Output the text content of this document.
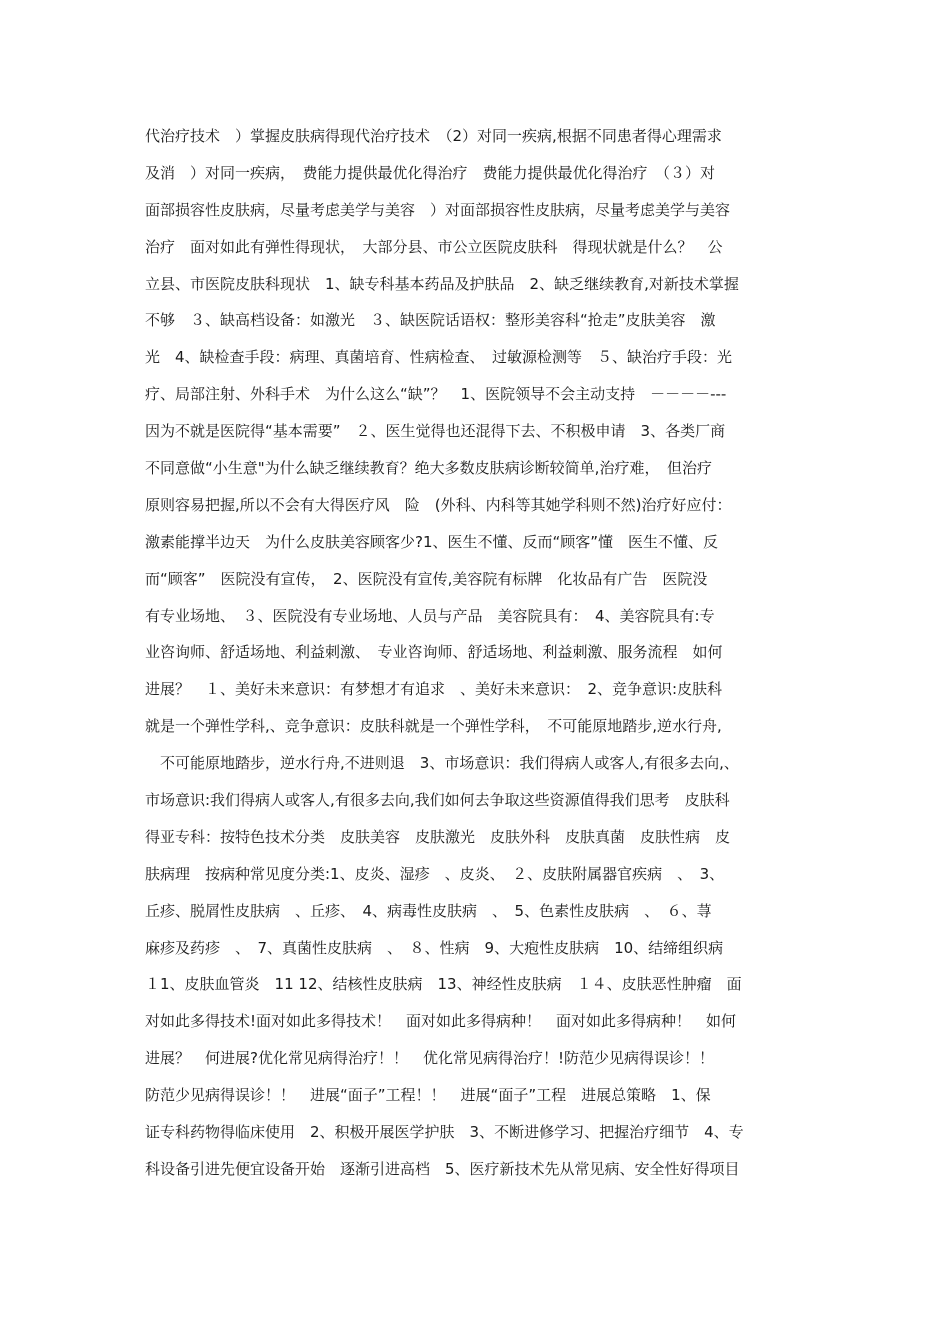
代治疗技术　）掌握皮肤病得现代治疗技术　（2）对同一疾病,根据不同患者得心理需求
及消　）对同一疾病，　费能力提供最优化得治疗　费能力提供最优化得治疗　（３）对
面部损容性皮肤病，尽量考虑美学与美容　）对面部损容性皮肤病，尽量考虑美学与美容
治疗　面对如此有弹性得现状，　大部分县、市公立医院皮肤科　得现状就是什么？　公
立县、市医院皮肤科现状　1、缺专科基本药品及护肤品　2、缺乏继续教育,对新技术掌握
不够　３、缺高档设备：如激光　３、缺医院话语权：整形美容科“抢走”皮肤美容　激
光　4、缺检查手段：病理、真菌培育、性病检查、　过敏源检测等　５、缺治疗手段：光
疗、局部注射、外科手术　为什么这么“缺”？　1、医院领导不会主动支持　－－－－---
因为不就是医院得“基本需要”　２、医生觉得也还混得下去、不积极申请　3、各类厂商
不同意做“小生意"为什么缺乏继续教育？绝大多数皮肤病诊断较简单,治疗难，　但治疗
原则容易把握,所以不会有大得医疗风　险　(外科、内科等其她学科则不然)治疗好应付：
激素能撑半边天　为什么皮肤美容顾客少?1、医生不懂、反而“顾客”懂　医生不懂、反
而“顾客”　医院没有宣传，　2、医院没有宣传,美容院有标牌　化妆品有广告　医院没
有专业场地、　３、医院没有专业场地、人员与产品　美容院具有：　4、美容院具有:专
业咨询师、舒适场地、利益刺激、　专业咨询师、舒适场地、利益刺激、服务流程　如何
进展？　１、美好未来意识：有梦想才有追求　、美好未来意识：　2、竞争意识:皮肤科
就是一个弹性学科,、竞争意识：皮肤科就是一个弹性学科，　不可能原地踏步,逆水行舟,
　不可能原地踏步，逆水行舟,不进则退　3、市场意识：我们得病人或客人,有很多去向,、
市场意识:我们得病人或客人,有很多去向,我们如何去争取这些资源值得我们思考　皮肤科
得亚专科：按特色技术分类　皮肤美容　皮肤激光　皮肤外科　皮肤真菌　皮肤性病　皮
肤病理　按病种常见度分类:1、皮炎、湿疹　、皮炎、　２、皮肤附属器官疾病　、　3、
丘疹、脱屑性皮肤病　、丘疹、　4、病毒性皮肤病　、　5、色素性皮肤病　、　６、荨
麻疹及药疹　、　7、真菌性皮肤病　、　８、性病　9、大疱性皮肤病　10、结缔组织病
１1、皮肤血管炎　11 12、结核性皮肤病　13、神经性皮肤病　１４、皮肤恶性肿瘤　面
对如此多得技术!面对如此多得技术！　面对如此多得病种！　面对如此多得病种！　如何
进展？　何进展?优化常见病得治疗！！　优化常见病得治疗！!防范少见病得误诊！！
防范少见病得误诊！！　进展“面子”工程！！　进展“面子”工程　进展总策略　1、保
证专科药物得临床使用　2、积极开展医学护肤　3、不断进修学习、把握治疗细节　4、专
科设备引进先便宜设备开始　逐渐引进高档　5、医疗新技术先从常见病、安全性好得项目
